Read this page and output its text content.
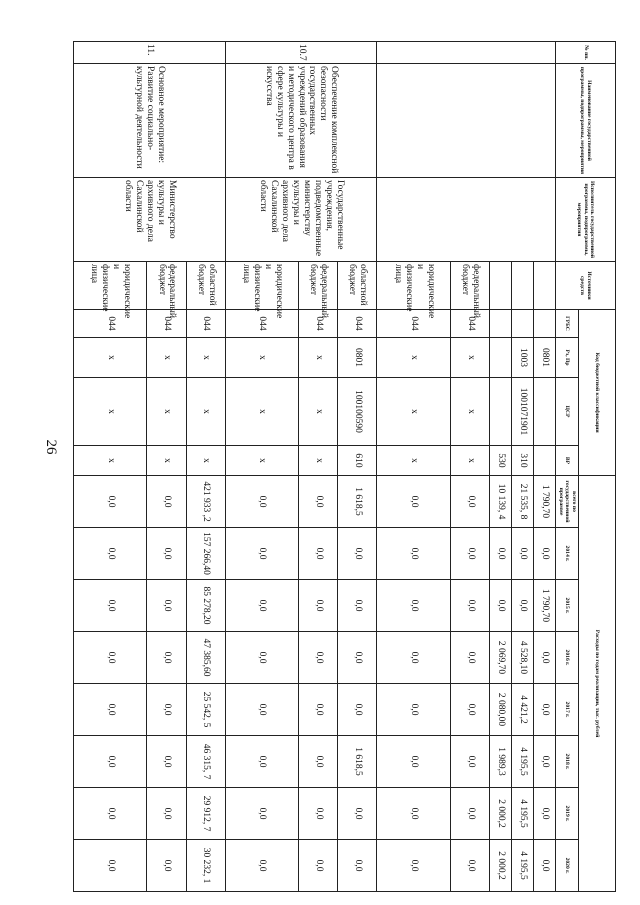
26
№ пп.	Наименование государственной программы, подпрограммы, мероприятия	Исполнитель государственной программы, подпрограммы, мероприятия	Источники средств	Код бюджетной классификации				Расходы по годам реализации, тыс. рублей							
				ГРБС	Рз, Пр	ЦСР	ВР	всего по государственной программе	2014 г.	2015 г.	2016 г.	2017 г.	2018 г.	2019 г.	2020 г.

					0801			1 790,70	0,0	1 790,70	0,0	0,0	0,0	0,0	0,0
					1003	1001071901	310	21 535, 8	0,0	0,0	4 528,10	4 421,2	4 195,5	4 195,5	4 195,5
							530	10 139, 4	0,0	0,0	2 069,70	2 080,00	1 989,3	2 000,2	2 000,2
			федеральный бюджет	044	х	х	х	0,0	0,0	0,0	0,0	0,0	0,0	0,0	0,0
			юридические и физические лица	044	х	х	х	0,0	0,0	0,0	0,0	0,0	0,0	0,0	0,0
10.7	Обеспечение комплексной безопасности государственных учреждений образования и методического центра в сфере культуры и искусства	Государственные учреждения, подведомственные министерству культуры и архивного дела Сахалинской области	областной бюджет	044	0801	100100590	610	1 618,5	0,0	0,0	0,0	0,0	1 618,5	0,0	0,0
			федеральный бюджет	044	х	х	х	0,0	0,0	0,0	0,0	0,0	0,0	0,0	0,0
			юридические и физические лица	044	х	х	х	0,0	0,0	0,0	0,0	0,0	0,0	0,0	0,0
11.	Основное мероприятие: Развитие социально-культурной деятельности	Министерство культуры и архивного дела Сахалинской области	областной бюджет	044	х	х	х	421 933 ,2	157 266,40	85 278,20	47 385,60	25 542, 5	46 315, 7	29 912, 7	30 232, 1
			федеральный бюджет	044	х	х	х	0,0	0,0	0,0	0,0	0,0	0,0	0,0	0,0
			юридические и физические лица	044	х	х	х	0,0	0,0	0,0	0,0	0,0	0,0	0,0	0,0
